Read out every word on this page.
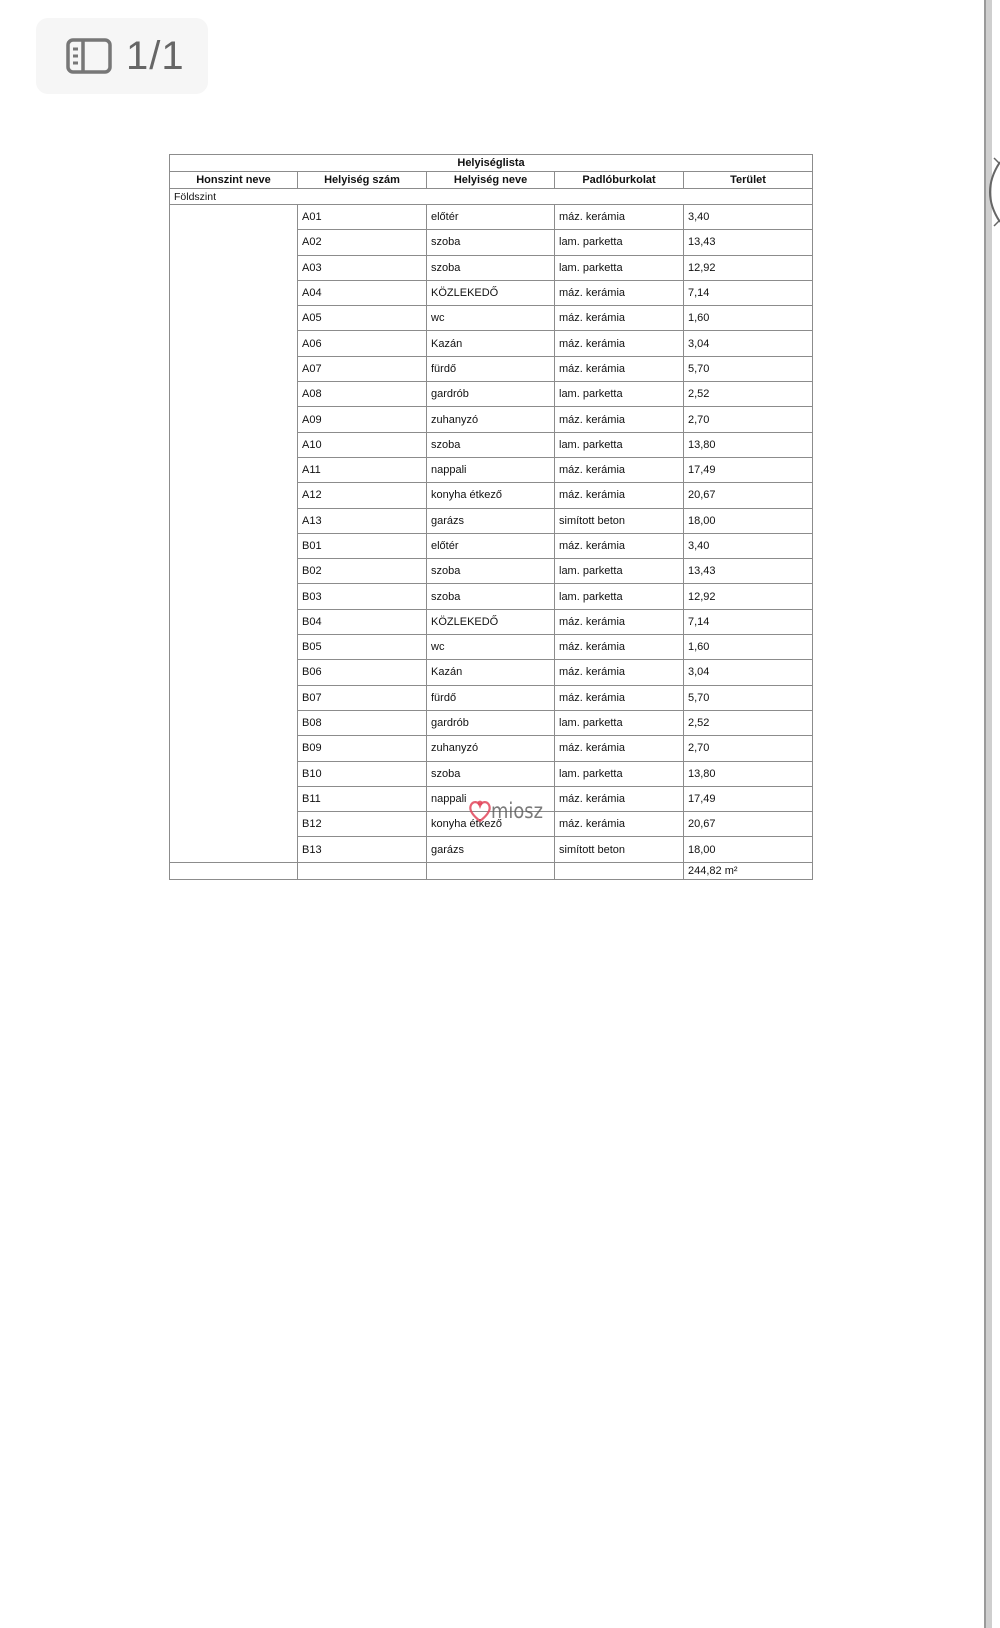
1/1
Helyiséglista				
Honszint neve	Helyiség szám	Helyiség neve	Padlóburkolat	Terület
Földszint				
	A01	előtér	máz. kerámia	3,40
	A02	szoba	lam. parketta	13,43
	A03	szoba	lam. parketta	12,92
	A04	KÖZLEKEDŐ	máz. kerámia	7,14
	A05	wc	máz. kerámia	1,60
	A06	Kazán	máz. kerámia	3,04
	A07	fürdő	máz. kerámia	5,70
	A08	gardrób	lam. parketta	2,52
	A09	zuhanyzó	máz. kerámia	2,70
	A10	szoba	lam. parketta	13,80
	A11	nappali	máz. kerámia	17,49
	A12	konyha étkező	máz. kerámia	20,67
	A13	garázs	simított beton	18,00
	B01	előtér	máz. kerámia	3,40
	B02	szoba	lam. parketta	13,43
	B03	szoba	lam. parketta	12,92
	B04	KÖZLEKEDŐ	máz. kerámia	7,14
	B05	wc	máz. kerámia	1,60
	B06	Kazán	máz. kerámia	3,04
	B07	fürdő	máz. kerámia	5,70
	B08	gardrób	lam. parketta	2,52
	B09	zuhanyzó	máz. kerámia	2,70
	B10	szoba	lam. parketta	13,80
	B11	nappali	máz. kerámia	17,49
	B12	konyha étkező	máz. kerámia	20,67
	B13	garázs	simított beton	18,00
				244,82 m²
miosz
